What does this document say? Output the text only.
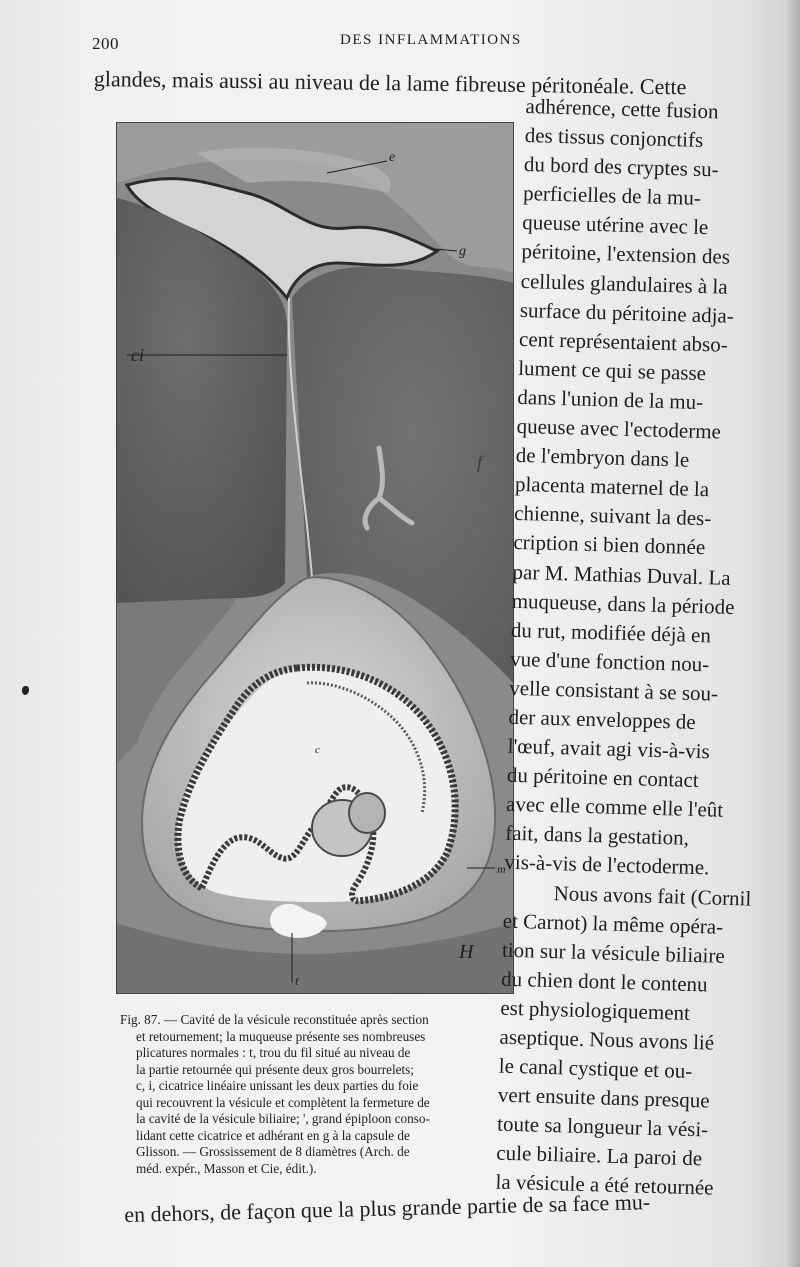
200	DES INFLAMMATIONS
glandes, mais aussi au niveau de la lame fibreuse péritonéale. Cette
e
g
ci
f
c
m
t
H
Fig. 87. — Cavité de la vésicule reconstituée après section
et retournement; la muqueuse présente ses nombreuses
plicatures normales : t, trou du fil situé au niveau de
la partie retournée qui présente deux gros bourrelets;
c, i, cicatrice linéaire unissant les deux parties du foie
qui recouvrent la vésicule et complètent la fermeture de
la cavité de la vésicule biliaire; ', grand épiploon conso-
lidant cette cicatrice et adhérant en g à la capsule de
Glisson. — Grossissement de 8 diamètres (Arch. de
méd. expér., Masson et Cie, édit.).
adhérence, cette fusion
des tissus conjonctifs
du bord des cryptes su-
perficielles de la mu-
queuse utérine avec le
péritoine, l'extension des
cellules glandulaires à la
surface du péritoine adja-
cent représentaient abso-
lument ce qui se passe
dans l'union de la mu-
queuse avec l'ectoderme
de l'embryon dans le
placenta maternel de la
chienne, suivant la des-
cription si bien donnée
par M. Mathias Duval. La
muqueuse, dans la période
du rut, modifiée déjà en
vue d'une fonction nou-
velle consistant à se sou-
der aux enveloppes de
l'œuf, avait agi vis-à-vis
du péritoine en contact
avec elle comme elle l'eût
fait, dans la gestation,
vis-à-vis de l'ectoderme.
Nous avons fait (Cornil
et Carnot) la même opéra-
tion sur la vésicule biliaire
du chien dont le contenu
est physiologiquement
aseptique. Nous avons lié
le canal cystique et ou-
vert ensuite dans presque
toute sa longueur la vési-
cule biliaire. La paroi de
la vésicule a été retournée
en dehors, de façon que la plus grande partie de sa face mu-
